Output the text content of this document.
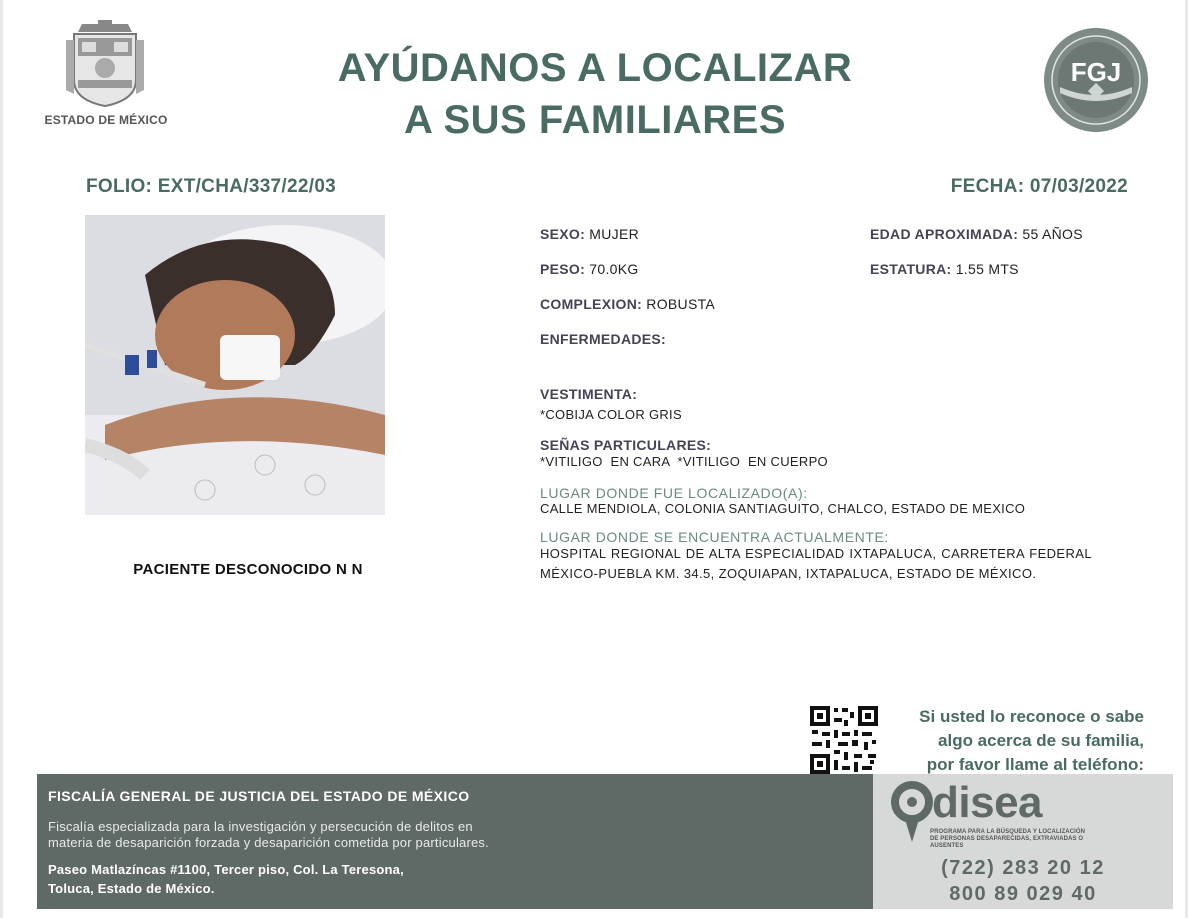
ESTADO DE MÉXICO
AYÚDANOS A LOCALIZAR
A SUS FAMILIARES
FGJ
FOLIO: EXT/CHA/337/22/03	FECHA: 07/03/2022
PACIENTE DESCONOCIDO N N
SEXO: MUJER	EDAD APROXIMADA: 55 AÑOS
PESO: 70.0KG	ESTATURA: 1.55 MTS
COMPLEXION: ROBUSTA
ENFERMEDADES:
VESTIMENTA:
*COBIJA COLOR GRIS
SEÑAS PARTICULARES:
*VITILIGO  EN CARA  *VITILIGO  EN CUERPO
LUGAR DONDE FUE LOCALIZADO(A):
CALLE MENDIOLA, COLONIA SANTIAGUITO, CHALCO, ESTADO DE MEXICO
LUGAR DONDE SE ENCUENTRA ACTUALMENTE:
HOSPITAL REGIONAL DE ALTA ESPECIALIDAD IXTAPALUCA, CARRETERA FEDERAL MÉXICO-PUEBLA KM. 34.5, ZOQUIAPAN, IXTAPALUCA, ESTADO DE MÉXICO.
Si usted lo reconoce o sabe
algo acerca de su familia,
por favor llame al teléfono:
FISCALÍA GENERAL DE JUSTICIA DEL ESTADO DE MÉXICO
Fiscalía especializada para la investigación y persecución de delitos en
materia de desaparición forzada y desaparición cometida por particulares.
Paseo Matlazíncas #1100, Tercer piso, Col. La Teresona,
Toluca, Estado de México.
disea
PROGRAMA PARA LA BÚSQUEDA Y LOCALIZACIÓN
DE PERSONAS DESAPARECIDAS, EXTRAVIADAS O
AUSENTES
(722) 283 20 12
800 89 029 40
